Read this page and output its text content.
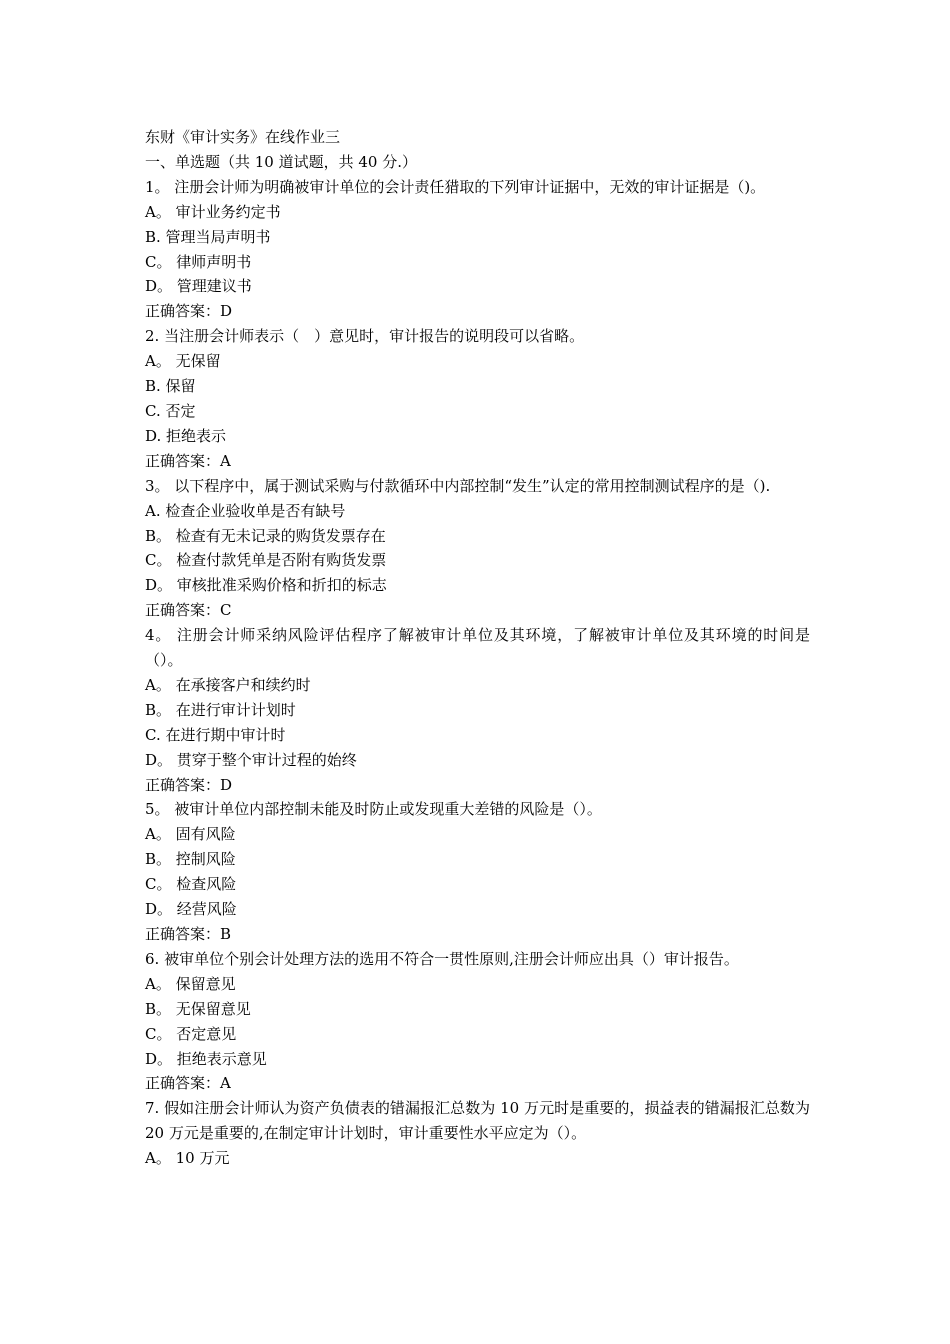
东财《审计实务》在线作业三

一、单选题（共 10 道试题，共 40 分.）

1。 注册会计师为明确被审计单位的会计责任猎取的下列审计证据中，无效的审计证据是（)。

A。 审计业务约定书

B. 管理当局声明书

C。 律师声明书

D。 管理建议书

正确答案：D

2. 当注册会计师表示（　）意见时，审计报告的说明段可以省略。

A。 无保留

B. 保留

C. 否定

D. 拒绝表示

正确答案：A

3。 以下程序中，属于测试采购与付款循环中内部控制“发生”认定的常用控制测试程序的是（).

A. 检查企业验收单是否有缺号

B。 检查有无未记录的购货发票存在

C。 检查付款凭单是否附有购货发票

D。 审核批准采购价格和折扣的标志

正确答案：C

4。 注册会计师采纳风险评估程序了解被审计单位及其环境，了解被审计单位及其环境的时间是（）。

A。 在承接客户和续约时

B。 在进行审计计划时

C. 在进行期中审计时

D。 贯穿于整个审计过程的始终

正确答案：D

5。 被审计单位内部控制未能及时防止或发现重大差错的风险是（）。

A。 固有风险

B。 控制风险

C。 检查风险

D。 经营风险

正确答案：B

6. 被审单位个别会计处理方法的选用不符合一贯性原则,注册会计师应出具（）审计报告。

A。 保留意见

B。 无保留意见

C。 否定意见

D。 拒绝表示意见

正确答案：A

7. 假如注册会计师认为资产负债表的错漏报汇总数为 10 万元时是重要的，损益表的错漏报汇总数为 20 万元是重要的,在制定审计计划时，审计重要性水平应定为（）。

A。 10 万元
